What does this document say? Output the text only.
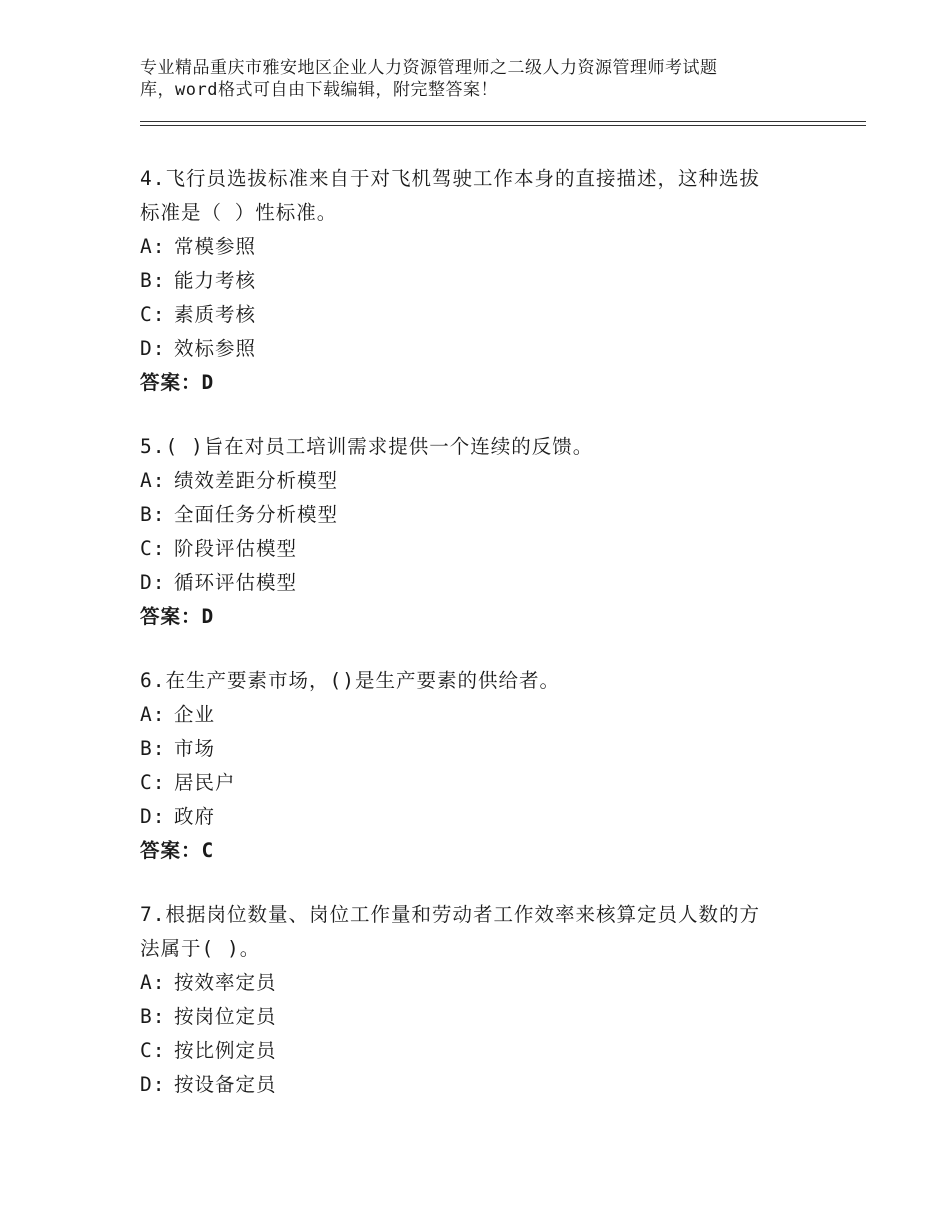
专业精品重庆市雅安地区企业人力资源管理师之二级人力资源管理师考试题
库，word格式可自由下载编辑，附完整答案！
4.飞行员选拔标准来自于对飞机驾驶工作本身的直接描述，这种选拔
标准是（ ）性标准。
A: 常模参照
B: 能力考核
C: 素质考核
D: 效标参照
答案：D
5.( )旨在对员工培训需求提供一个连续的反馈。
A: 绩效差距分析模型
B: 全面任务分析模型
C: 阶段评估模型
D: 循环评估模型
答案：D
6.在生产要素市场，()是生产要素的供给者。
A: 企业
B: 市场
C: 居民户
D: 政府
答案：C
7.根据岗位数量、岗位工作量和劳动者工作效率来核算定员人数的方
法属于( )。
A: 按效率定员
B: 按岗位定员
C: 按比例定员
D: 按设备定员
